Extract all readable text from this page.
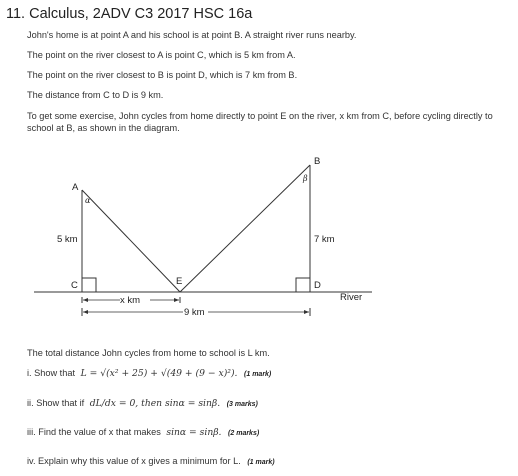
11. Calculus, 2ADV C3 2017 HSC 16a
John's home is at point A and his school is at point B. A straight river runs nearby.
The point on the river closest to A is point C, which is 5 km from A.
The point on the river closest to B is point D, which is 7 km from B.
The distance from C to D is 9 km.
To get some exercise, John cycles from home directly to point E on the river, x km from C, before cycling directly to school at B, as shown in the diagram.
A
B
C	D
E
α
β
5 km	7 km
River
x km
9 km
The total distance John cycles from home to school is L km.
i. Show that L = √(x² + 25) + √(49 + (9 − x)²). (1 mark)
ii. Show that if dL/dx = 0, then sinα = sinβ. (3 marks)
iii. Find the value of x that makes sinα = sinβ. (2 marks)
iv. Explain why this value of x gives a minimum for L. (1 mark)
